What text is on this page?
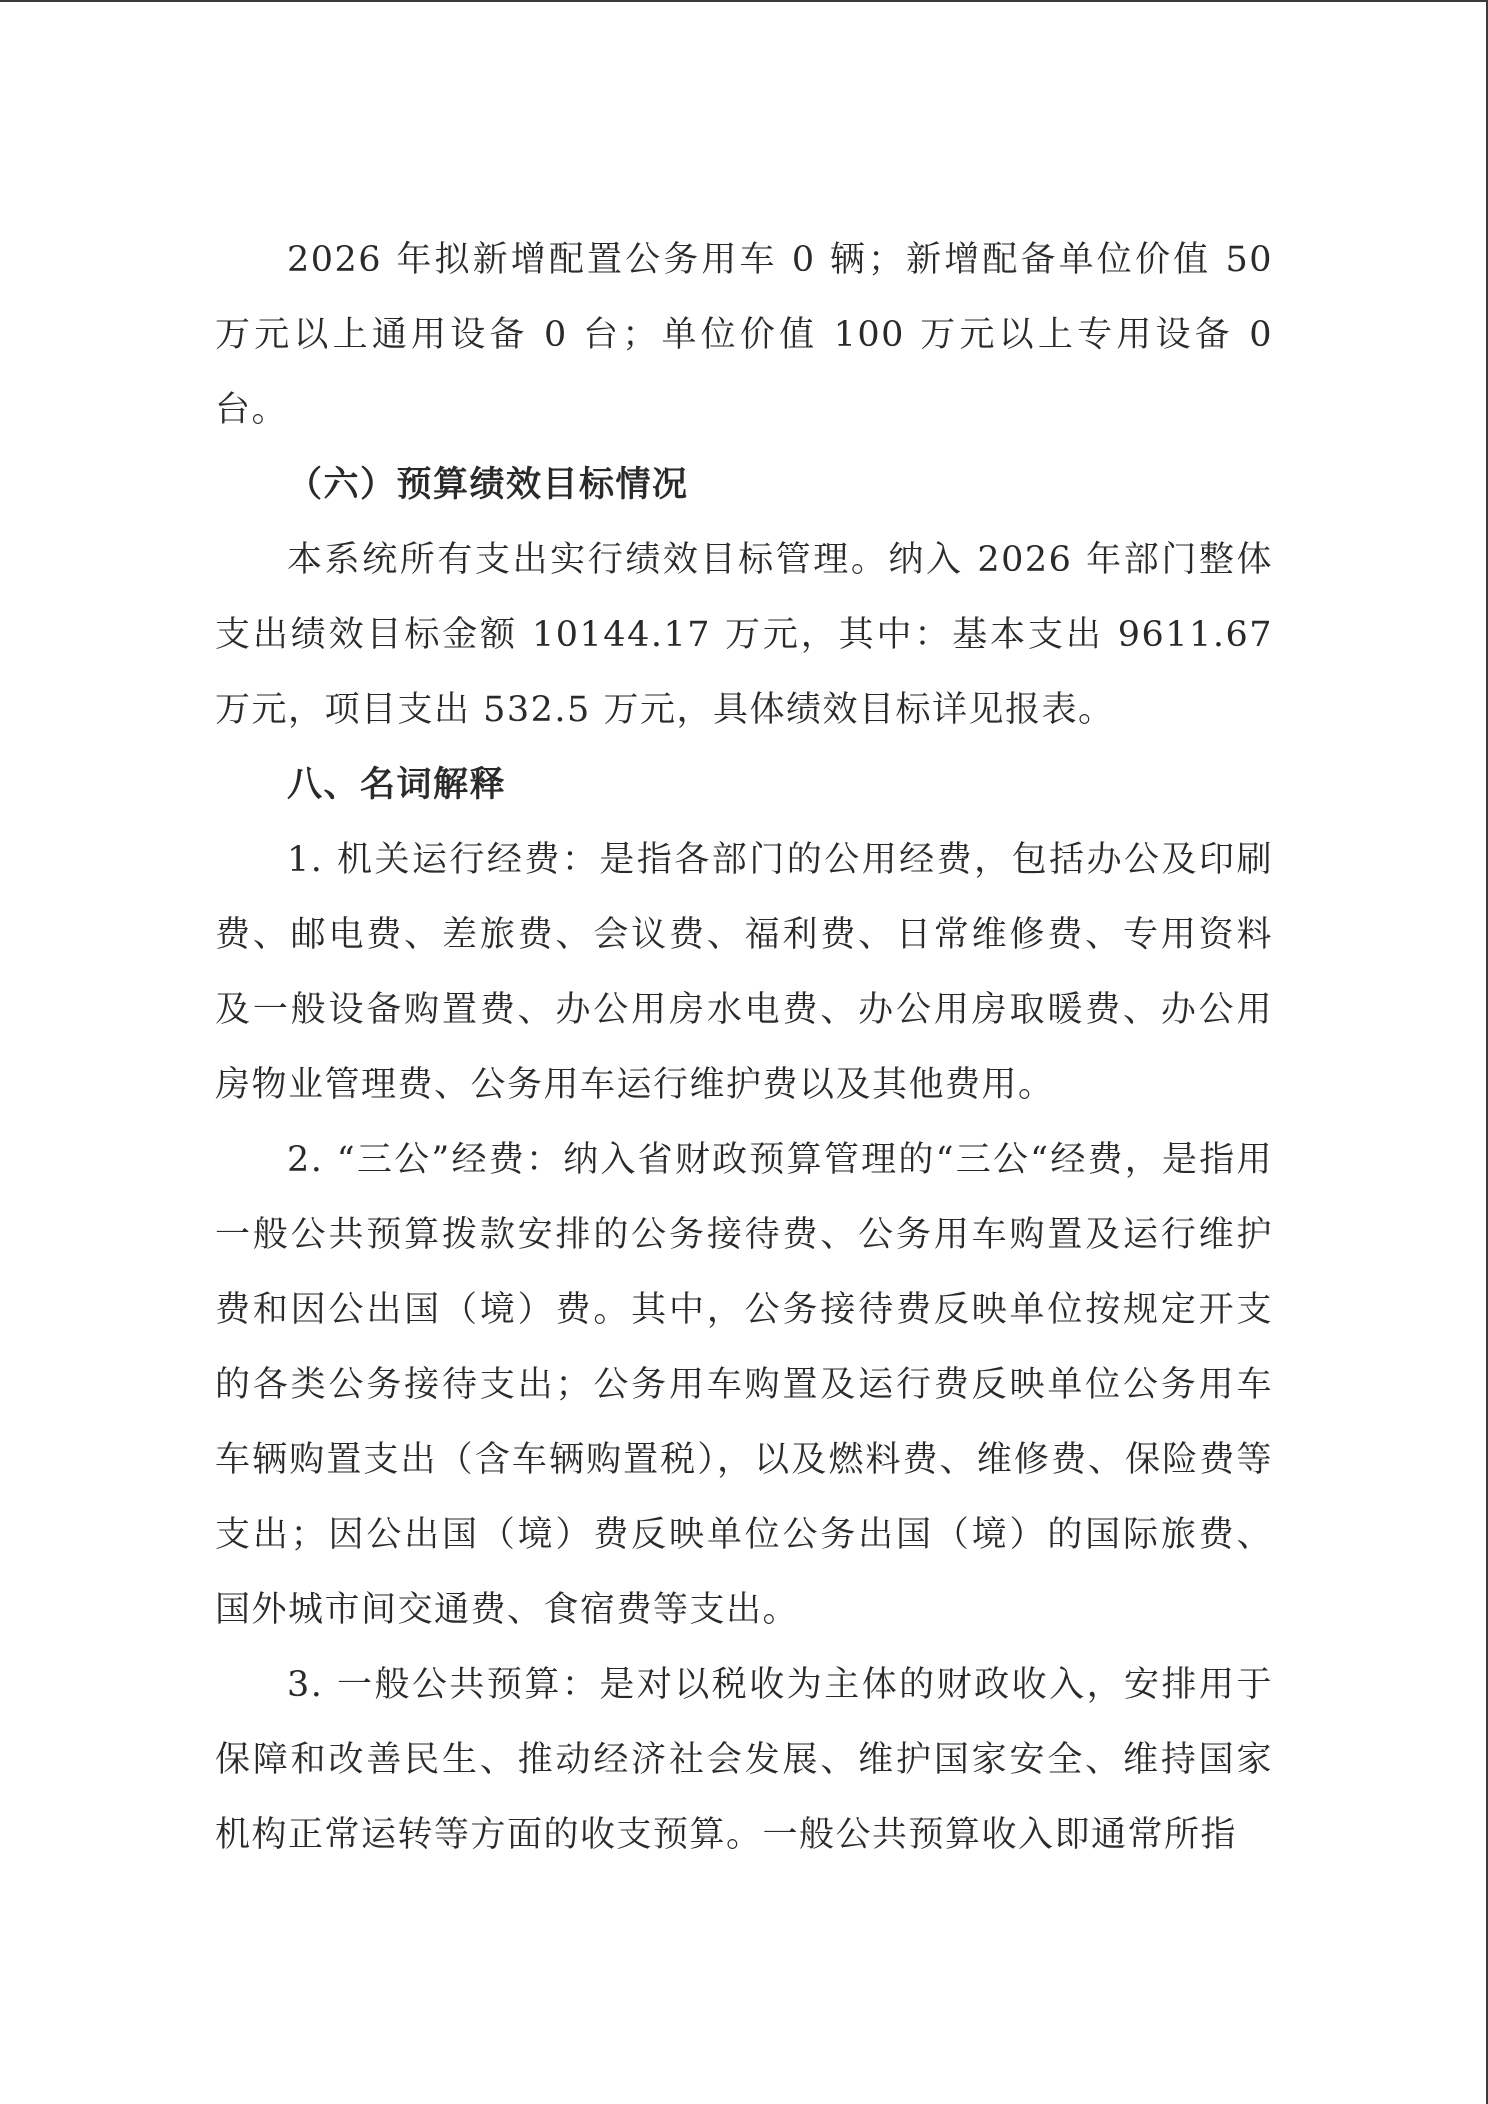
2026 年拟新增配置公务用车 0 辆；新增配备单位价值 50 万元以上通用设备 0 台；单位价值 100 万元以上专用设备 0 台。

（六）预算绩效目标情况

本系统所有支出实行绩效目标管理。纳入 2026 年部门整体支出绩效目标金额 10144.17 万元，其中：基本支出 9611.67 万元，项目支出 532.5 万元，具体绩效目标详见报表。

八、名词解释

1. 机关运行经费：是指各部门的公用经费，包括办公及印刷费、邮电费、差旅费、会议费、福利费、日常维修费、专用资料及一般设备购置费、办公用房水电费、办公用房取暖费、办公用房物业管理费、公务用车运行维护费以及其他费用。

2. “三公”经费：纳入省财政预算管理的“三公“经费，是指用一般公共预算拨款安排的公务接待费、公务用车购置及运行维护费和因公出国（境）费。其中，公务接待费反映单位按规定开支的各类公务接待支出；公务用车购置及运行费反映单位公务用车车辆购置支出（含车辆购置税），以及燃料费、维修费、保险费等支出；因公出国（境）费反映单位公务出国（境）的国际旅费、国外城市间交通费、食宿费等支出。

3. 一般公共预算：是对以税收为主体的财政收入，安排用于保障和改善民生、推动经济社会发展、维护国家安全、维持国家机构正常运转等方面的收支预算。一般公共预算收入即通常所指
